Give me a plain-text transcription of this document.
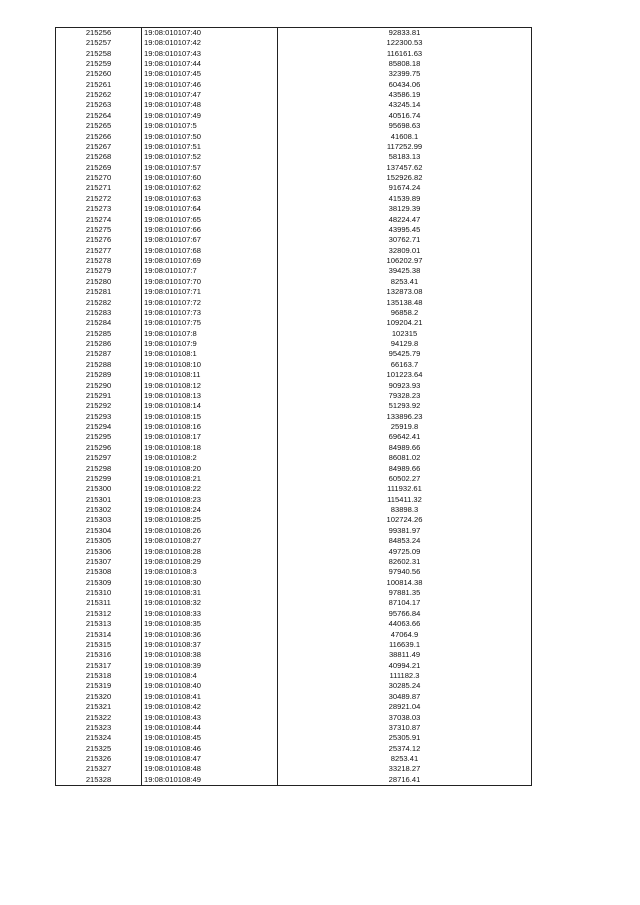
215256	19:08:010107:40	92833.81
215257	19:08:010107:42	122300.53
215258	19:08:010107:43	116161.63
215259	19:08:010107:44	85808.18
215260	19:08:010107:45	32399.75
215261	19:08:010107:46	60434.06
215262	19:08:010107:47	43586.19
215263	19:08:010107:48	43245.14
215264	19:08:010107:49	40516.74
215265	19:08:010107:5	95698.63
215266	19:08:010107:50	41608.1
215267	19:08:010107:51	117252.99
215268	19:08:010107:52	58183.13
215269	19:08:010107:57	137457.62
215270	19:08:010107:60	152926.82
215271	19:08:010107:62	91674.24
215272	19:08:010107:63	41539.89
215273	19:08:010107:64	38129.39
215274	19:08:010107:65	48224.47
215275	19:08:010107:66	43995.45
215276	19:08:010107:67	30762.71
215277	19:08:010107:68	32809.01
215278	19:08:010107:69	106202.97
215279	19:08:010107:7	39425.38
215280	19:08:010107:70	8253.41
215281	19:08:010107:71	132873.08
215282	19:08:010107:72	135138.48
215283	19:08:010107:73	96858.2
215284	19:08:010107:75	109204.21
215285	19:08:010107:8	102315
215286	19:08:010107:9	94129.8
215287	19:08:010108:1	95425.79
215288	19:08:010108:10	66163.7
215289	19:08:010108:11	101223.64
215290	19:08:010108:12	90923.93
215291	19:08:010108:13	79328.23
215292	19:08:010108:14	51293.92
215293	19:08:010108:15	133896.23
215294	19:08:010108:16	25919.8
215295	19:08:010108:17	69642.41
215296	19:08:010108:18	84989.66
215297	19:08:010108:2	86081.02
215298	19:08:010108:20	84989.66
215299	19:08:010108:21	60502.27
215300	19:08:010108:22	111932.61
215301	19:08:010108:23	115411.32
215302	19:08:010108:24	83898.3
215303	19:08:010108:25	102724.26
215304	19:08:010108:26	99381.97
215305	19:08:010108:27	84853.24
215306	19:08:010108:28	49725.09
215307	19:08:010108:29	82602.31
215308	19:08:010108:3	97940.56
215309	19:08:010108:30	100814.38
215310	19:08:010108:31	97881.35
215311	19:08:010108:32	87104.17
215312	19:08:010108:33	95766.84
215313	19:08:010108:35	44063.66
215314	19:08:010108:36	47064.9
215315	19:08:010108:37	116639.1
215316	19:08:010108:38	38811.49
215317	19:08:010108:39	40994.21
215318	19:08:010108:4	111182.3
215319	19:08:010108:40	30285.24
215320	19:08:010108:41	30489.87
215321	19:08:010108:42	28921.04
215322	19:08:010108:43	37038.03
215323	19:08:010108:44	37310.87
215324	19:08:010108:45	25305.91
215325	19:08:010108:46	25374.12
215326	19:08:010108:47	8253.41
215327	19:08:010108:48	33218.27
215328	19:08:010108:49	28716.41
